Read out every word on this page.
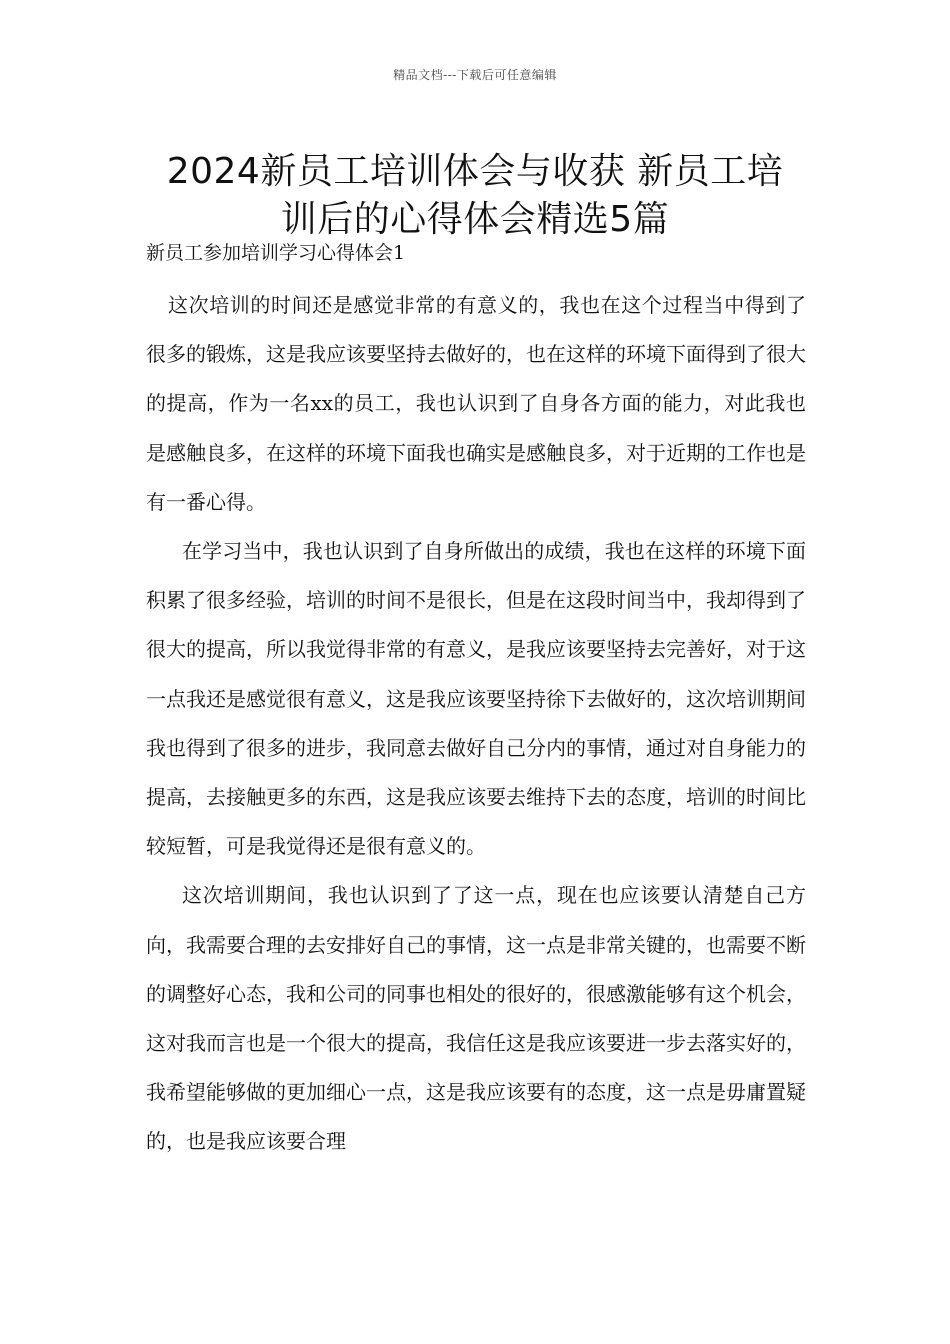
精品文档---下载后可任意编辑
2024新员工培训体会与收获 新员工培
训后的心得体会精选5篇

新员工参加培训学习心得体会1

这次培训的时间还是感觉非常的有意义的，我也在这个过程当中得到了很多的锻炼，这是我应该要坚持去做好的，也在这样的环境下面得到了很大的提高，作为一名xx的员工，我也认识到了自身各方面的能力，对此我也是感触良多，在这样的环境下面我也确实是感触良多，对于近期的工作也是有一番心得。

在学习当中，我也认识到了自身所做出的成绩，我也在这样的环境下面积累了很多经验，培训的时间不是很长，但是在这段时间当中，我却得到了很大的提高，所以我觉得非常的有意义，是我应该要坚持去完善好，对于这一点我还是感觉很有意义，这是我应该要坚持徐下去做好的，这次培训期间我也得到了很多的进步，我同意去做好自己分内的事情，通过对自身能力的提高，去接触更多的东西，这是我应该要去维持下去的态度，培训的时间比较短暂，可是我觉得还是很有意义的。

这次培训期间，我也认识到了了这一点，现在也应该要认清楚自己方向，我需要合理的去安排好自己的事情，这一点是非常关键的，也需要不断的调整好心态，我和公司的同事也相处的很好的，很感激能够有这个机会，这对我而言也是一个很大的提高，我信任这是我应该要进一步去落实好的，我希望能够做的更加细心一点，这是我应该要有的态度，这一点是毋庸置疑的，也是我应该要合理
